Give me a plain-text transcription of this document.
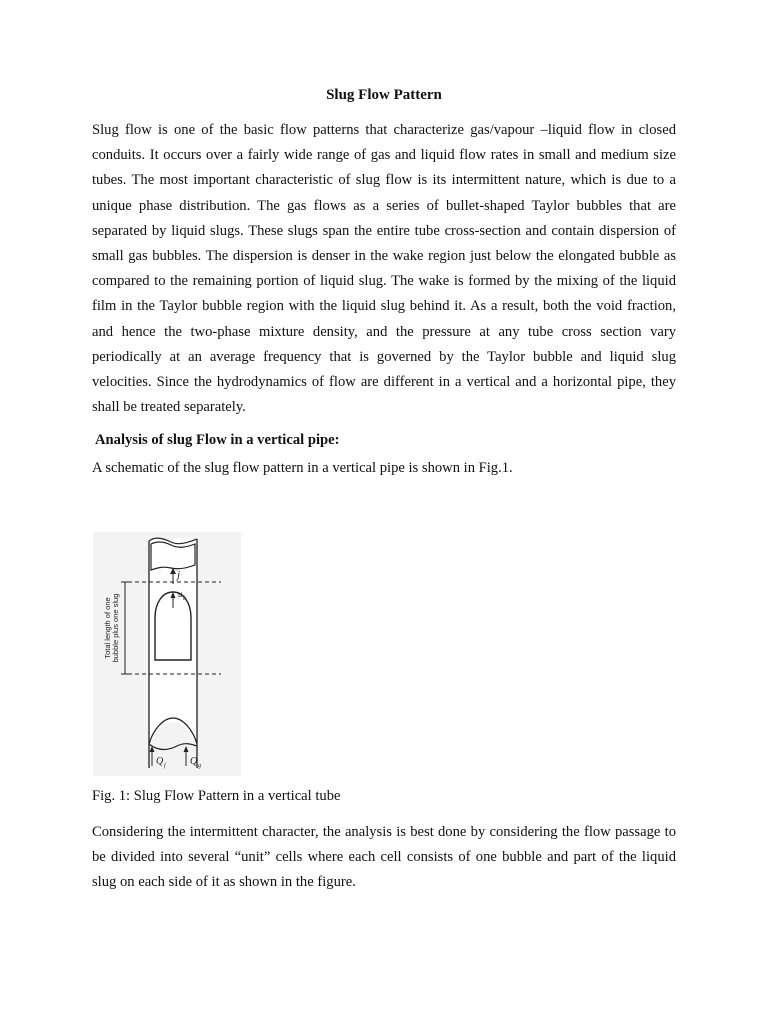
Slug Flow Pattern

Slug flow is one of the basic flow patterns that characterize gas/vapour –liquid flow in closed conduits. It occurs over a fairly wide range of gas and liquid flow rates in small and medium size tubes. The most important characteristic of slug flow is its intermittent nature, which is due to a unique phase distribution. The gas flows as a series of bullet-shaped Taylor bubbles that are separated by liquid slugs. These slugs span the entire tube cross-section and contain dispersion of small gas bubbles. The dispersion is denser in the wake region just below the elongated bubble as compared to the remaining portion of liquid slug. The wake is formed by the mixing of the liquid film in the Taylor bubble region with the liquid slug behind it. As a result, both the void fraction, and hence the two-phase mixture density, and the pressure at any tube cross section vary periodically at an average frequency that is governed by the Taylor bubble and liquid slug velocities. Since the hydrodynamics of flow are different in a vertical and a horizontal pipe, they shall be treated separately.

Analysis of slug Flow in a vertical pipe:
A schematic of the slug flow pattern in a vertical pipe is shown in Fig.1.
Total length of one bubble plus one slug
j
u b
Q f Q g
Fig. 1: Slug Flow Pattern in a vertical tube

Considering the intermittent character, the analysis is best done by considering the flow passage to be divided into several “unit” cells where each cell consists of one bubble and part of the liquid slug on each side of it as shown in the figure.
